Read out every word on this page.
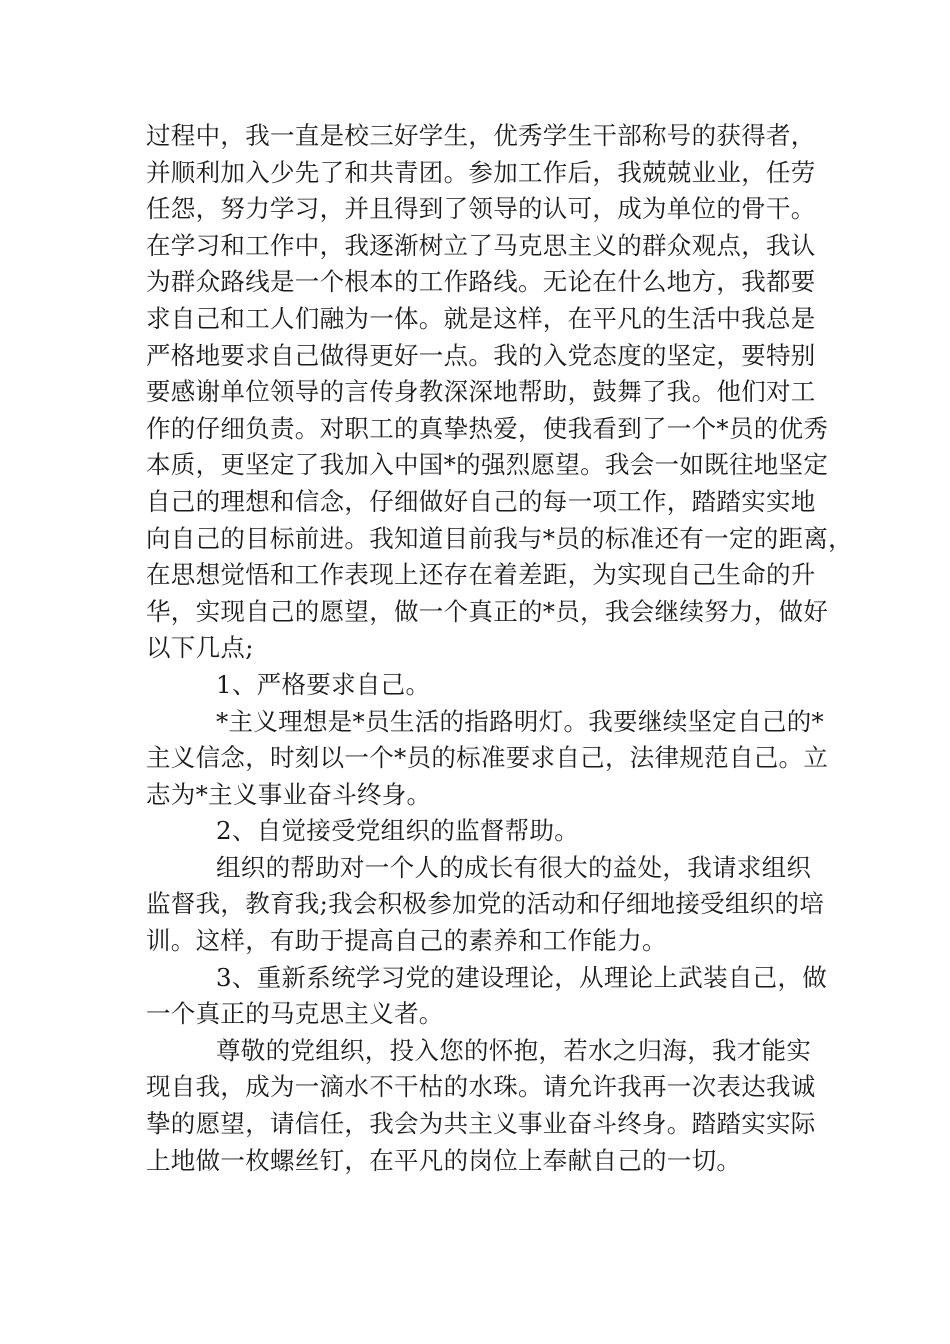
过程中，我一直是校三好学生，优秀学生干部称号的获得者，
并顺利加入少先了和共青团。参加工作后，我兢兢业业，任劳
任怨，努力学习，并且得到了领导的认可，成为单位的骨干。
在学习和工作中，我逐渐树立了马克思主义的群众观点，我认
为群众路线是一个根本的工作路线。无论在什么地方，我都要
求自己和工人们融为一体。就是这样，在平凡的生活中我总是
严格地要求自己做得更好一点。我的入党态度的坚定，要特别
要感谢单位领导的言传身教深深地帮助，鼓舞了我。他们对工
作的仔细负责。对职工的真挚热爱，使我看到了一个*员的优秀
本质，更坚定了我加入中国*的强烈愿望。我会一如既往地坚定
自己的理想和信念，仔细做好自己的每一项工作，踏踏实实地
向自己的目标前进。我知道目前我与*员的标准还有一定的距离，
在思想觉悟和工作表现上还存在着差距，为实现自己生命的升
华，实现自己的愿望，做一个真正的*员，我会继续努力，做好
以下几点;
1、严格要求自己。
*主义理想是*员生活的指路明灯。我要继续坚定自己的*
主义信念，时刻以一个*员的标准要求自己，法律规范自己。立
志为*主义事业奋斗终身。
2、自觉接受党组织的监督帮助。
组织的帮助对一个人的成长有很大的益处，我请求组织
监督我，教育我;我会积极参加党的活动和仔细地接受组织的培
训。这样，有助于提高自己的素养和工作能力。
3、重新系统学习党的建设理论，从理论上武装自己，做
一个真正的马克思主义者。
尊敬的党组织，投入您的怀抱，若水之归海，我才能实
现自我，成为一滴水不干枯的水珠。请允许我再一次表达我诚
挚的愿望，请信任，我会为共主义事业奋斗终身。踏踏实实际
上地做一枚螺丝钉，在平凡的岗位上奉献自己的一切。
